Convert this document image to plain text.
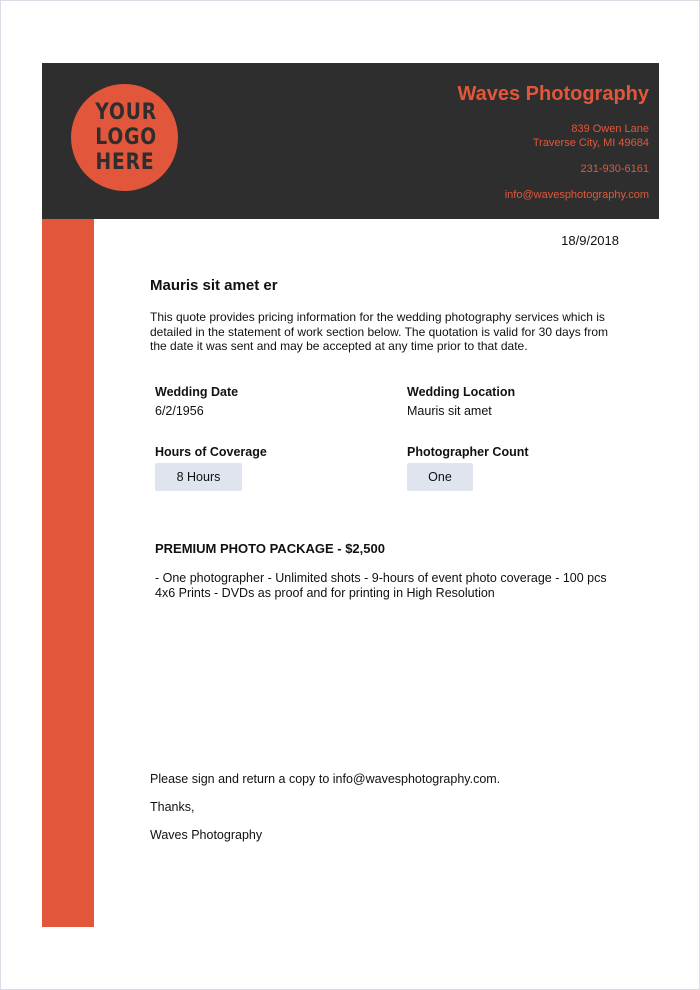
YOUR LOGO HERE
Waves Photography
839 Owen Lane
Traverse City, MI 49684
231-930-6161
info@wavesphotography.com
18/9/2018
Mauris sit amet er
This quote provides pricing information for the wedding photography services which is detailed in the statement of work section below. The quotation is valid for 30 days from the date it was sent and may be accepted at any time prior to that date.
Wedding Date
6/2/1956
Wedding Location
Mauris sit amet
Hours of Coverage
8 Hours
Photographer Count
One
PREMIUM PHOTO PACKAGE - $2,500
- One photographer - Unlimited shots - 9-hours of event photo coverage - 100 pcs 4x6 Prints - DVDs as proof and for printing in High Resolution
Please sign and return a copy to info@wavesphotography.com.
Thanks,
Waves Photography
